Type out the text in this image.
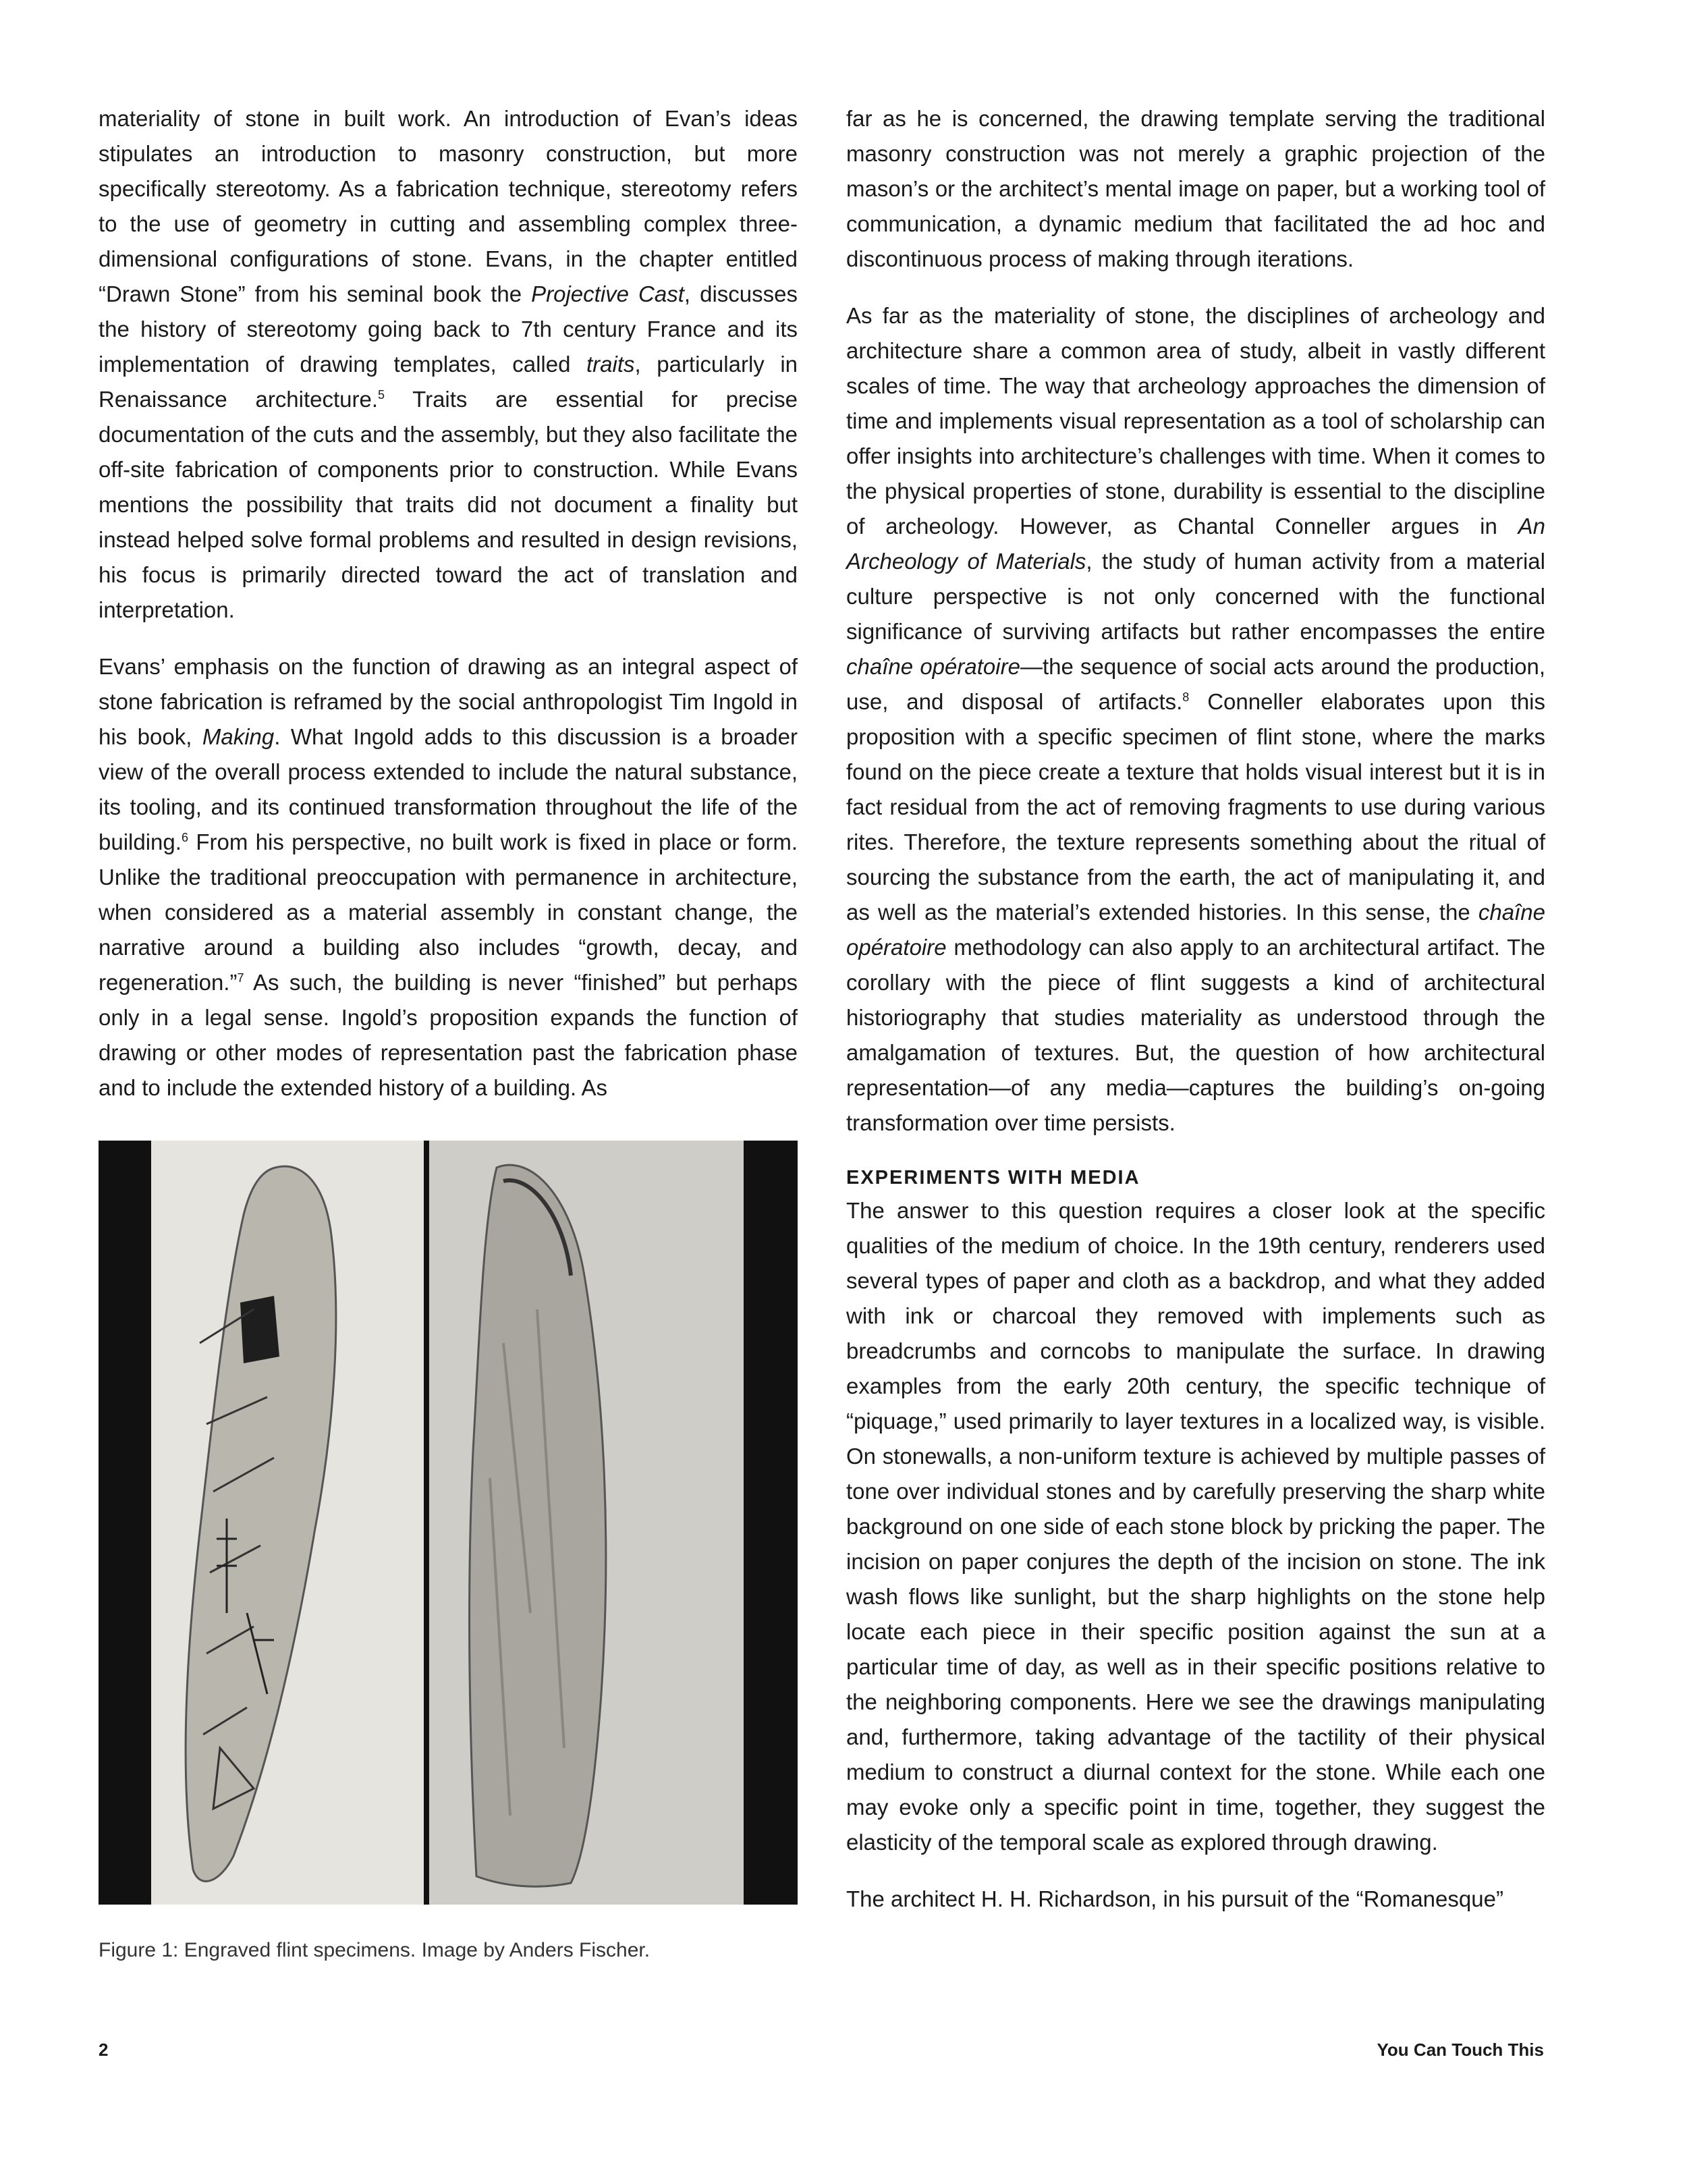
materiality of stone in built work. An introduction of Evan’s ideas stipulates an introduction to masonry construction, but more specifically stereotomy. As a fabrication technique, stereotomy refers to the use of geometry in cutting and assembling complex three-dimensional configurations of stone. Evans, in the chapter entitled “Drawn Stone” from his seminal book the Projective Cast, discusses the history of stereotomy going back to 7th century France and its implementation of drawing templates, called traits, particularly in Renaissance architecture.$^5$ Traits are essential for precise documentation of the cuts and the assembly, but they also facilitate the off-site fabrication of components prior to construction. While Evans mentions the possibility that traits did not document a finality but instead helped solve formal problems and resulted in design revisions, his focus is primarily directed toward the act of translation and interpretation.

Evans’ emphasis on the function of drawing as an integral aspect of stone fabrication is reframed by the social anthropologist Tim Ingold in his book, Making. What Ingold adds to this discussion is a broader view of the overall process extended to include the natural substance, its tooling, and its continued transformation throughout the life of the building.$^6$ From his perspective, no built work is fixed in place or form. Unlike the traditional preoccupation with permanence in architecture, when considered as a material assembly in constant change, the narrative around a building also includes “growth, decay, and regeneration.”$^7$ As such, the building is never “finished” but perhaps only in a legal sense. Ingold’s proposition expands the function of drawing or other modes of representation past the fabrication phase and to include the extended history of a building. As

far as he is concerned, the drawing template serving the traditional masonry construction was not merely a graphic projection of the mason’s or the architect’s mental image on paper, but a working tool of communication, a dynamic medium that facilitated the ad hoc and discontinuous process of making through iterations.

As far as the materiality of stone, the disciplines of archeology and architecture share a common area of study, albeit in vastly different scales of time. The way that archeology approaches the dimension of time and implements visual representation as a tool of scholarship can offer insights into architecture’s challenges with time. When it comes to the physical properties of stone, durability is essential to the discipline of archeology. However, as Chantal Conneller argues in An Archeology of Materials, the study of human activity from a material culture perspective is not only concerned with the functional significance of surviving artifacts but rather encompasses the entire chaîne opératoire—the sequence of social acts around the production, use, and disposal of artifacts.$^8$ Conneller elaborates upon this proposition with a specific specimen of flint stone, where the marks found on the piece create a texture that holds visual interest but it is in fact residual from the act of removing fragments to use during various rites. Therefore, the texture represents something about the ritual of sourcing the substance from the earth, the act of manipulating it, and as well as the material’s extended histories. In this sense, the chaîne opératoire methodology can also apply to an architectural artifact. The corollary with the piece of flint suggests a kind of architectural historiography that studies materiality as understood through the amalgamation of textures. But, the question of how architectural representation—of any media—captures the building’s on-going transformation over time persists.

EXPERIMENTS WITH MEDIA

The answer to this question requires a closer look at the specific qualities of the medium of choice. In the 19th century, renderers used several types of paper and cloth as a backdrop, and what they added with ink or charcoal they removed with implements such as breadcrumbs and corncobs to manipulate the surface. In drawing examples from the early 20th century, the specific technique of “piquage,” used primarily to layer textures in a localized way, is visible. On stonewalls, a non-uniform texture is achieved by multiple passes of tone over individual stones and by carefully preserving the sharp white background on one side of each stone block by pricking the paper. The incision on paper conjures the depth of the incision on stone. The ink wash flows like sunlight, but the sharp highlights on the stone help locate each piece in their specific position against the sun at a particular time of day, as well as in their specific positions relative to the neighboring components. Here we see the drawings manipulating and, furthermore, taking advantage of the tactility of their physical medium to construct a diurnal context for the stone. While each one may evoke only a specific point in time, together, they suggest the elasticity of the temporal scale as explored through drawing.

The architect H. H. Richardson, in his pursuit of the “Romanesque”

Figure 1: Engraved flint specimens. Image by Anders Fischer.
2	You Can Touch This
